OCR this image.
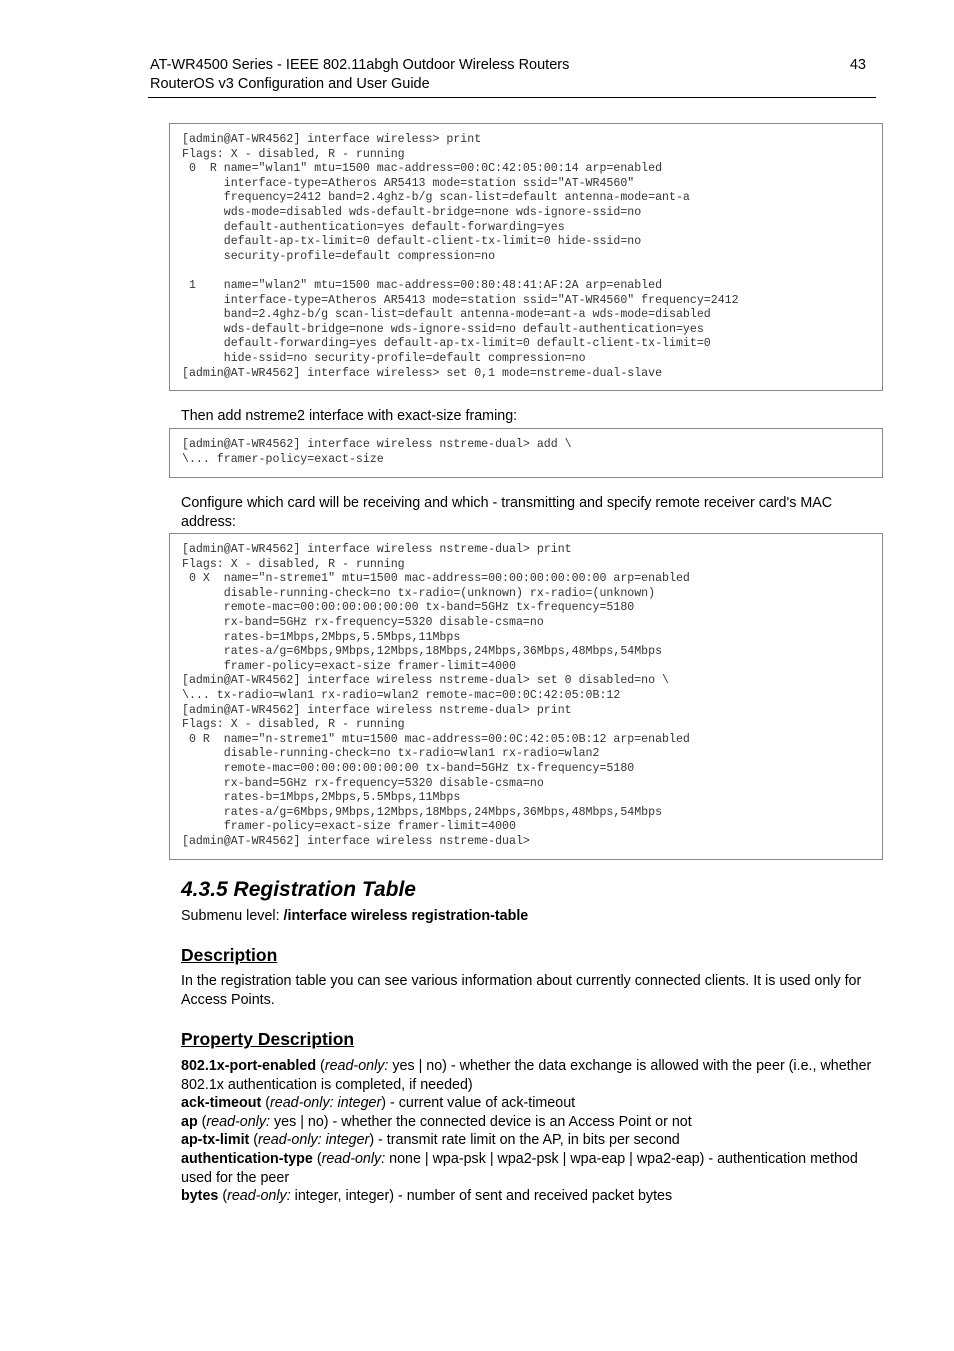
AT-WR4500 Series - IEEE 802.11abgh Outdoor Wireless Routers
RouterOS v3 Configuration and User Guide
43
[admin@AT-WR4562] interface wireless> print
Flags: X - disabled, R - running
0  R name="wlan1" mtu=1500 mac-address=00:0C:42:05:00:14 arp=enabled
interface-type=Atheros AR5413 mode=station ssid="AT-WR4560"
frequency=2412 band=2.4ghz-b/g scan-list=default antenna-mode=ant-a
wds-mode=disabled wds-default-bridge=none wds-ignore-ssid=no
default-authentication=yes default-forwarding=yes
default-ap-tx-limit=0 default-client-tx-limit=0 hide-ssid=no
security-profile=default compression=no
1    name="wlan2" mtu=1500 mac-address=00:80:48:41:AF:2A arp=enabled
interface-type=Atheros AR5413 mode=station ssid="AT-WR4560" frequency=2412
band=2.4ghz-b/g scan-list=default antenna-mode=ant-a wds-mode=disabled
wds-default-bridge=none wds-ignore-ssid=no default-authentication=yes
default-forwarding=yes default-ap-tx-limit=0 default-client-tx-limit=0
hide-ssid=no security-profile=default compression=no
[admin@AT-WR4562] interface wireless> set 0,1 mode=nstreme-dual-slave

Then add nstreme2 interface with exact-size framing:

[admin@AT-WR4562] interface wireless nstreme-dual> add \
\... framer-policy=exact-size

Configure which card will be receiving and which - transmitting and specify remote receiver card's MAC address:

[admin@AT-WR4562] interface wireless nstreme-dual> print
Flags: X - disabled, R - running
0 X  name="n-streme1" mtu=1500 mac-address=00:00:00:00:00:00 arp=enabled
disable-running-check=no tx-radio=(unknown) rx-radio=(unknown)
remote-mac=00:00:00:00:00:00 tx-band=5GHz tx-frequency=5180
rx-band=5GHz rx-frequency=5320 disable-csma=no
rates-b=1Mbps,2Mbps,5.5Mbps,11Mbps
rates-a/g=6Mbps,9Mbps,12Mbps,18Mbps,24Mbps,36Mbps,48Mbps,54Mbps
framer-policy=exact-size framer-limit=4000
[admin@AT-WR4562] interface wireless nstreme-dual> set 0 disabled=no \
\... tx-radio=wlan1 rx-radio=wlan2 remote-mac=00:0C:42:05:0B:12
[admin@AT-WR4562] interface wireless nstreme-dual> print
Flags: X - disabled, R - running
0 R  name="n-streme1" mtu=1500 mac-address=00:0C:42:05:0B:12 arp=enabled
disable-running-check=no tx-radio=wlan1 rx-radio=wlan2
remote-mac=00:00:00:00:00:00 tx-band=5GHz tx-frequency=5180
rx-band=5GHz rx-frequency=5320 disable-csma=no
rates-b=1Mbps,2Mbps,5.5Mbps,11Mbps
rates-a/g=6Mbps,9Mbps,12Mbps,18Mbps,24Mbps,36Mbps,48Mbps,54Mbps
framer-policy=exact-size framer-limit=4000
[admin@AT-WR4562] interface wireless nstreme-dual>
4.3.5 Registration Table

Submenu level: /interface wireless registration-table

Description

In the registration table you can see various information about currently connected clients. It is used only for Access Points.

Property Description

802.1x-port-enabled (read-only: yes | no) - whether the data exchange is allowed with the peer (i.e., whether 802.1x authentication is completed, if needed)

ack-timeout (read-only: integer) - current value of ack-timeout

ap (read-only: yes | no) - whether the connected device is an Access Point or not

ap-tx-limit (read-only: integer) - transmit rate limit on the AP, in bits per second

authentication-type (read-only: none | wpa-psk | wpa2-psk | wpa-eap | wpa2-eap) - authentication method used for the peer

bytes (read-only: integer, integer) - number of sent and received packet bytes
